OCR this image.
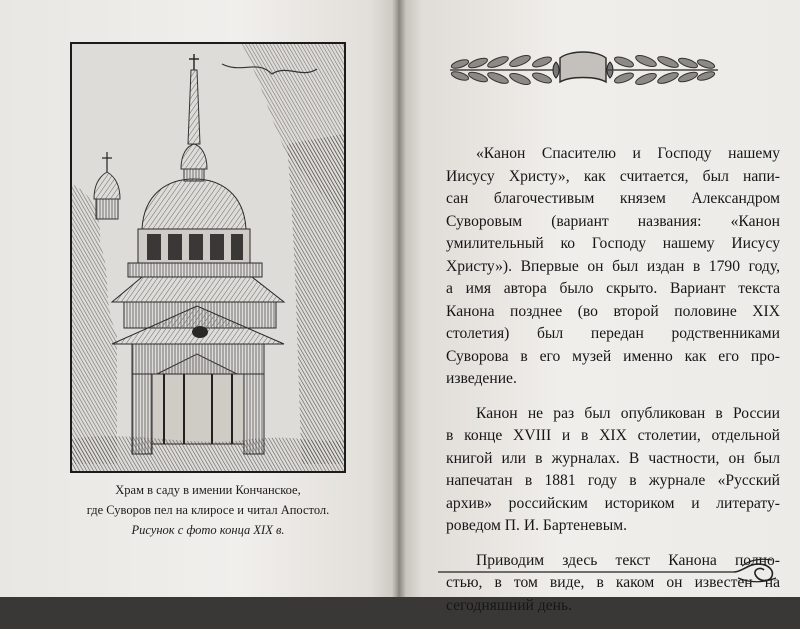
Храм в саду в имении Кончанское,
где Суворов пел на клиросе и читал Апостол.
Рисунок с фото конца XIX в.
«Канон Спасителю и Господу нашему
Иисусу Христу», как считается, был напи-
сан благочестивым князем Александром
Суворовым (вариант названия: «Канон
умилительный ко Господу нашему Иисусу
Христу»). Впервые он был издан в 1790 году,
а имя автора было скрыто. Вариант текста
Канона позднее (во второй половине XIX
столетия) был передан родственниками
Суворова в его музей именно как его про-
изведение.
Канон не раз был опубликован в России
в конце XVIII и в XIX столетии, отдельной
книгой или в журналах. В частности, он был
напечатан в 1881 году в журнале «Русский
архив» российским историком и литерату-
роведом П. И. Бартеневым.
Приводим здесь текст Канона полно-
стью, в том виде, в каком он известен на
сегодняшний день.
